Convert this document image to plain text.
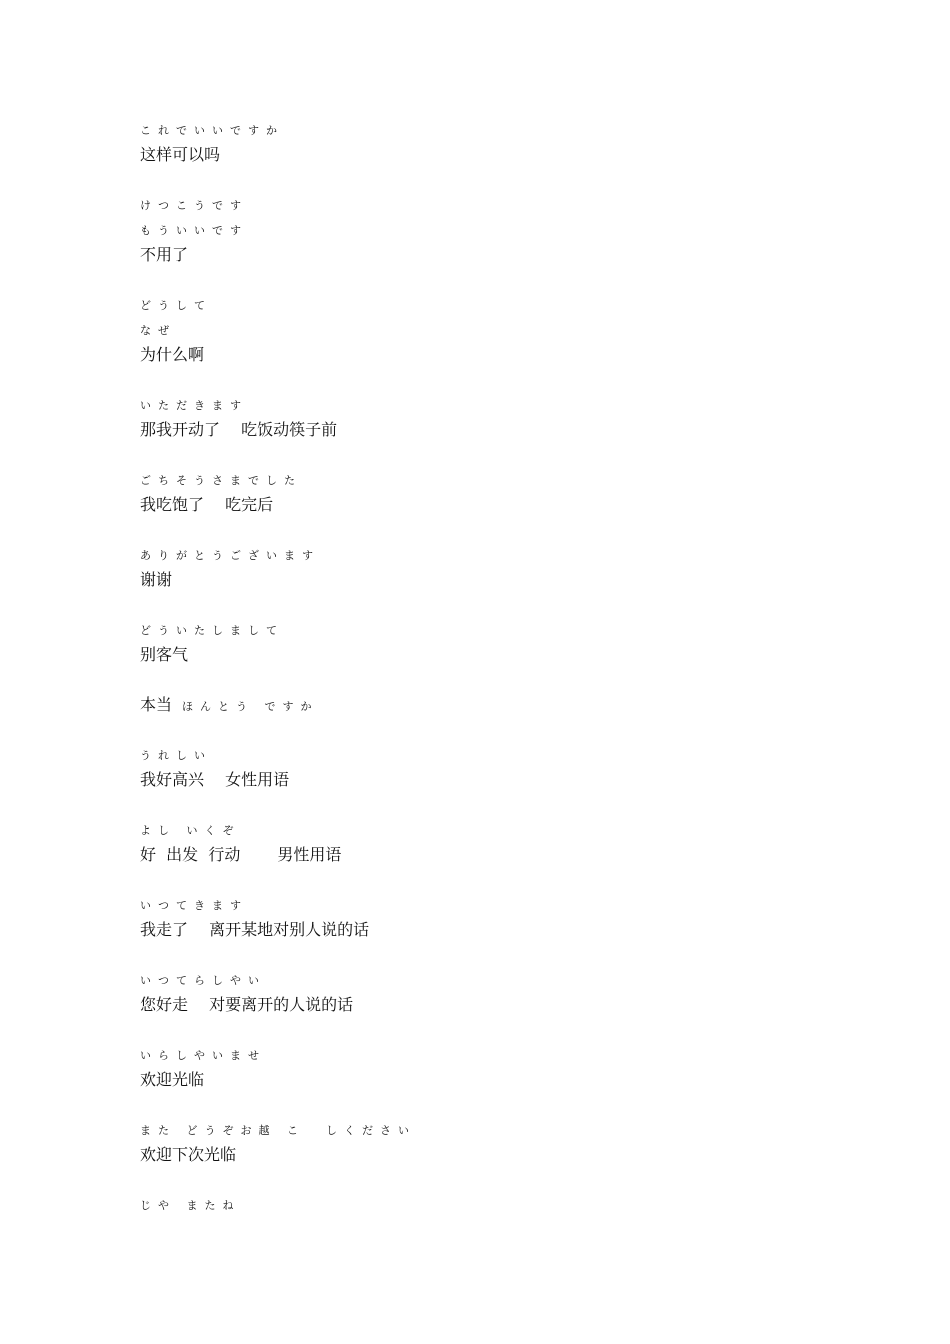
これでいいですか
这样可以吗
けつこうです
もういいです
不用了
どうして
なぜ
为什么啊
いただきます
那我开动了　 吃饭动筷子前
ごちそうさまでした
我吃饱了　 吃完后
ありがとうございます
谢谢
どういたしまして
别客气
本当 ほんとう ですか
うれしい
我好高兴　 女性用语
よし いくぞ
好  出发  行动 　　男性用语
いつてきます
我走了　 离开某地对别人说的话
いつてらしやい
您好走　 对要离开的人说的话
いらしやいませ
欢迎光临
また どうぞお越 こ  しください
欢迎下次光临
じや またね
